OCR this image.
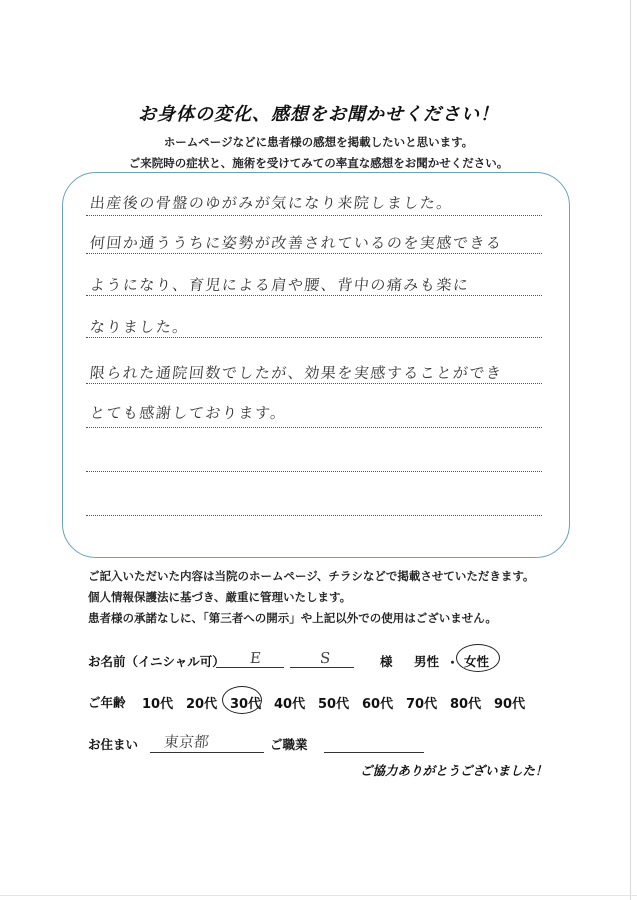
お身体の変化、感想をお聞かせください！
ホームページなどに患者様の感想を掲載したいと思います。
ご来院時の症状と、施術を受けてみての率直な感想をお聞かせください。
出産後の骨盤のゆがみが気になり来院しました。
何回か通ううちに姿勢が改善されているのを実感できる
ようになり、育児による肩や腰、背中の痛みも楽に
なりました。
限られた通院回数でしたが、効果を実感することができ
とても感謝しております。
ご記入いただいた内容は当院のホームページ、チラシなどで掲載させていただきます。
個人情報保護法に基づき、厳重に管理いたします。
患者様の承諾なしに、「第三者への開示」や上記以外での使用はございません。
お名前（イニシャル可） E	S	様 男性 ・ 女性
ご年齢 10代 20代 30代 40代 50代 60代 70代 80代 90代
お住まい 東京都	ご職業
ご協力ありがとうございました！
